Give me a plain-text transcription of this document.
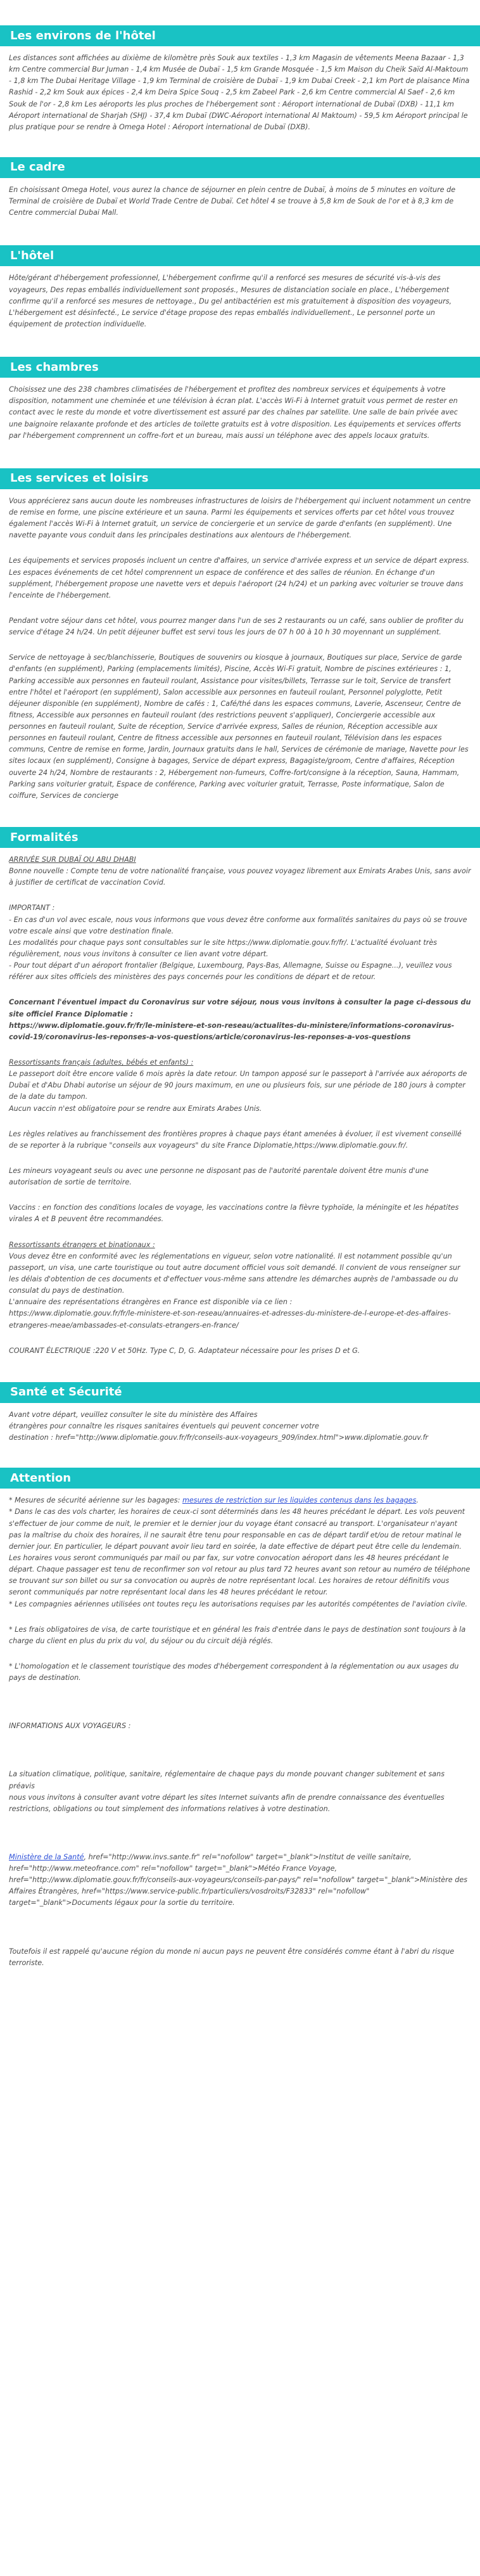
Les environs de l'hôtel

Les distances sont affichées au dixième de kilomètre près Souk aux textiles - 1,3 km Magasin de vêtements Meena Bazaar - 1,3 km Centre commercial Bur Juman - 1,4 km Musée de Dubaï - 1,5 km Grande Mosquée - 1,5 km Maison du Cheik Saïd Al-Maktoum - 1,8 km The Dubai Heritage Village - 1,9 km Terminal de croisière de Dubaï - 1,9 km Dubai Creek - 2,1 km Port de plaisance Mina Rashid - 2,2 km Souk aux épices - 2,4 km Deira Spice Souq - 2,5 km Zabeel Park - 2,6 km Centre commercial Al Saef - 2,6 km Souk de l'or - 2,8 km Les aéroports les plus proches de l'hébergement sont : Aéroport international de Dubaï (DXB) - 11,1 km Aéroport international de Sharjah (SHJ) - 37,4 km Dubaï (DWC-Aéroport international Al Maktoum) - 59,5 km Aéroport principal le plus pratique pour se rendre à Omega Hotel : Aéroport international de Dubaï (DXB).

Le cadre

En choisissant Omega Hotel, vous aurez la chance de séjourner en plein centre de Dubaï, à moins de 5 minutes en voiture de Terminal de croisière de Dubaï et World Trade Centre de Dubaï. Cet hôtel 4 se trouve à 5,8 km de Souk de l'or et à 8,3 km de Centre commercial Dubai Mall.

L'hôtel

Hôte/gérant d'hébergement professionnel, L'hébergement confirme qu'il a renforcé ses mesures de sécurité vis-à-vis des voyageurs, Des repas emballés individuellement sont proposés., Mesures de distanciation sociale en place., L'hébergement confirme qu'il a renforcé ses mesures de nettoyage., Du gel antibactérien est mis gratuitement à disposition des voyageurs, L'hébergement est désinfecté., Le service d'étage propose des repas emballés individuellement., Le personnel porte un équipement de protection individuelle.

Les chambres

Choisissez une des 238 chambres climatisées de l'hébergement et profitez des nombreux services et équipements à votre disposition, notamment une cheminée et une télévision à écran plat. L'accès Wi-Fi à Internet gratuit vous permet de rester en contact avec le reste du monde et votre divertissement est assuré par des chaînes par satellite. Une salle de bain privée avec une baignoire relaxante profonde et des articles de toilette gratuits est à votre disposition. Les équipements et services offerts par l'hébergement comprennent un coffre-fort et un bureau, mais aussi un téléphone avec des appels locaux gratuits.

Les services et loisirs

Vous apprécierez sans aucun doute les nombreuses infrastructures de loisirs de l'hébergement qui incluent notamment un centre de remise en forme, une piscine extérieure et un sauna. Parmi les équipements et services offerts par cet hôtel vous trouvez également l'accès Wi-Fi à Internet gratuit, un service de conciergerie et un service de garde d'enfants (en supplément). Une navette payante vous conduit dans les principales destinations aux alentours de l'hébergement.

Les équipements et services proposés incluent un centre d'affaires, un service d'arrivée express et un service de départ express. Les espaces événements de cet hôtel comprennent un espace de conférence et des salles de réunion. En échange d'un supplément, l'hébergement propose une navette vers et depuis l'aéroport (24 h/24) et un parking avec voiturier se trouve dans l'enceinte de l'hébergement.

Pendant votre séjour dans cet hôtel, vous pourrez manger dans l'un de ses 2 restaurants ou un café, sans oublier de profiter du service d'étage 24 h/24. Un petit déjeuner buffet est servi tous les jours de 07 h 00 à 10 h 30 moyennant un supplément.

Service de nettoyage à sec/blanchisserie, Boutiques de souvenirs ou kiosque à journaux, Boutiques sur place, Service de garde d'enfants (en supplément), Parking (emplacements limités), Piscine, Accès Wi-Fi gratuit, Nombre de piscines extérieures : 1, Parking accessible aux personnes en fauteuil roulant, Assistance pour visites/billets, Terrasse sur le toit, Service de transfert entre l'hôtel et l'aéroport (en supplément), Salon accessible aux personnes en fauteuil roulant, Personnel polyglotte, Petit déjeuner disponible (en supplément), Nombre de cafés : 1, Café/thé dans les espaces communs, Laverie, Ascenseur, Centre de fitness, Accessible aux personnes en fauteuil roulant (des restrictions peuvent s'appliquer), Conciergerie accessible aux personnes en fauteuil roulant, Suite de réception, Service d'arrivée express, Salles de réunion, Réception accessible aux personnes en fauteuil roulant, Centre de fitness accessible aux personnes en fauteuil roulant, Télévision dans les espaces communs, Centre de remise en forme, Jardin, Journaux gratuits dans le hall, Services de cérémonie de mariage, Navette pour les sites locaux (en supplément), Consigne à bagages, Service de départ express, Bagagiste/groom, Centre d'affaires, Réception ouverte 24 h/24, Nombre de restaurants : 2, Hébergement non-fumeurs, Coffre-fort/consigne à la réception, Sauna, Hammam, Parking sans voiturier gratuit, Espace de conférence, Parking avec voiturier gratuit, Terrasse, Poste informatique, Salon de coiffure, Services de concierge

Formalités

ARRIVÉE SUR DUBAÏ OU ABU DHABI

Bonne nouvelle : Compte tenu de votre nationalité française, vous pouvez voyagez librement aux Emirats Arabes Unis, sans avoir à justifier de certificat de vaccination Covid.

IMPORTANT :

- En cas d'un vol avec escale, nous vous informons que vous devez être conforme aux formalités sanitaires du pays où se trouve votre escale ainsi que votre destination finale.
Les modalités pour chaque pays sont consultables sur le site https://www.diplomatie.gouv.fr/fr/. L'actualité évoluant très régulièrement, nous vous invitons à consulter ce lien avant votre départ.
- Pour tout départ d'un aéroport frontalier (Belgique, Luxembourg, Pays-Bas, Allemagne, Suisse ou Espagne...), veuillez vous référer aux sites officiels des ministères des pays concernés pour les conditions de départ et de retour.

Concernant l'éventuel impact du Coronavirus sur votre séjour, nous vous invitons à consulter la page ci-dessous du site officiel France Diplomatie :
https://www.diplomatie.gouv.fr/fr/le-ministere-et-son-reseau/actualites-du-ministere/informations-coronavirus-covid-19/coronavirus-les-reponses-a-vos-questions/article/coronavirus-les-reponses-a-vos-questions

Ressortissants français (adultes, bébés et enfants) :

Le passeport doit être encore valide 6 mois après la date retour. Un tampon apposé sur le passeport à l'arrivée aux aéroports de Dubaï et d'Abu Dhabi autorise un séjour de 90 jours maximum, en une ou plusieurs fois, sur une période de 180 jours à compter de la date du tampon.
Aucun vaccin n'est obligatoire pour se rendre aux Emirats Arabes Unis.

Les règles relatives au franchissement des frontières propres à chaque pays étant amenées à évoluer, il est vivement conseillé de se reporter à la rubrique "conseils aux voyageurs" du site France Diplomatie,https://www.diplomatie.gouv.fr/.

Les mineurs voyageant seuls ou avec une personne ne disposant pas de l'autorité parentale doivent être munis d'une autorisation de sortie de territoire.

Vaccins : en fonction des conditions locales de voyage, les vaccinations contre la fièvre typhoïde, la méningite et les hépatites virales A et B peuvent être recommandées.

Ressortissants étrangers et binationaux :

Vous devez être en conformité avec les réglementations en vigueur, selon votre nationalité. Il est notamment possible qu'un passeport, un visa, une carte touristique ou tout autre document officiel vous soit demandé. Il convient de vous renseigner sur les délais d'obtention de ces documents et d'effectuer vous-même sans attendre les démarches auprès de l'ambassade ou du consulat du pays de destination.
L'annuaire des représentations étrangères en France est disponible via ce lien :
https://www.diplomatie.gouv.fr/fr/le-ministere-et-son-reseau/annuaires-et-adresses-du-ministere-de-l-europe-et-des-affaires-etrangeres-meae/ambassades-et-consulats-etrangers-en-france/

COURANT ÉLECTRIQUE :220 V et 50Hz. Type C, D, G. Adaptateur nécessaire pour les prises D et G.

Santé et Sécurité

Avant votre départ, veuillez consulter le site du ministère des Affaires
étrangères pour connaître les risques sanitaires éventuels qui peuvent concerner votre
destination : href="http://www.diplomatie.gouv.fr/fr/conseils-aux-voyageurs_909/index.html">www.diplomatie.gouv.fr

Attention

* Mesures de sécurité aérienne sur les bagages: mesures de restriction sur les liquides contenus dans les bagages.

* Dans le cas des vols charter, les horaires de ceux-ci sont déterminés dans les 48 heures précédant le départ. Les vols peuvent s'effectuer de jour comme de nuit, le premier et le dernier jour du voyage étant consacré au transport. L'organisateur n'ayant pas la maîtrise du choix des horaires, il ne saurait être tenu pour responsable en cas de départ tardif et/ou de retour matinal le dernier jour. En particulier, le départ pouvant avoir lieu tard en soirée, la date effective de départ peut être celle du lendemain. Les horaires vous seront communiqués par mail ou par fax, sur votre convocation aéroport dans les 48 heures précédant le départ. Chaque passager est tenu de reconfirmer son vol retour au plus tard 72 heures avant son retour au numéro de téléphone se trouvant sur son billet ou sur sa convocation ou auprès de notre représentant local. Les horaires de retour définitifs vous seront communiqués par notre représentant local dans les 48 heures précédant le retour.
* Les compagnies aériennes utilisées ont toutes reçu les autorisations requises par les autorités compétentes de l'aviation civile.

* Les frais obligatoires de visa, de carte touristique et en général les frais d'entrée dans le pays de destination sont toujours à la charge du client en plus du prix du vol, du séjour ou du circuit déjà réglés.

* L'homologation et le classement touristique des modes d'hébergement correspondent à la réglementation ou aux usages du pays de destination.

INFORMATIONS AUX VOYAGEURS :

La situation climatique, politique, sanitaire, réglementaire de chaque pays du monde pouvant changer subitement et sans préavis
nous vous invitons à consulter avant votre départ les sites Internet suivants afin de prendre connaissance des éventuelles restrictions, obligations ou tout simplement des informations relatives à votre destination.

Ministère de la Santé, href="http://www.invs.sante.fr" rel="nofollow" target="_blank">Institut de veille sanitaire, href="http://www.meteofrance.com" rel="nofollow" target="_blank">Météo France Voyage, href="http://www.diplomatie.gouv.fr/fr/conseils-aux-voyageurs/conseils-par-pays/" rel="nofollow" target="_blank">Ministère des Affaires Étrangères, href="https://www.service-public.fr/particuliers/vosdroits/F32833" rel="nofollow" target="_blank">Documents légaux pour la sortie du territoire.

Toutefois il est rappelé qu'aucune région du monde ni aucun pays ne peuvent être considérés comme étant à l'abri du risque terroriste.
